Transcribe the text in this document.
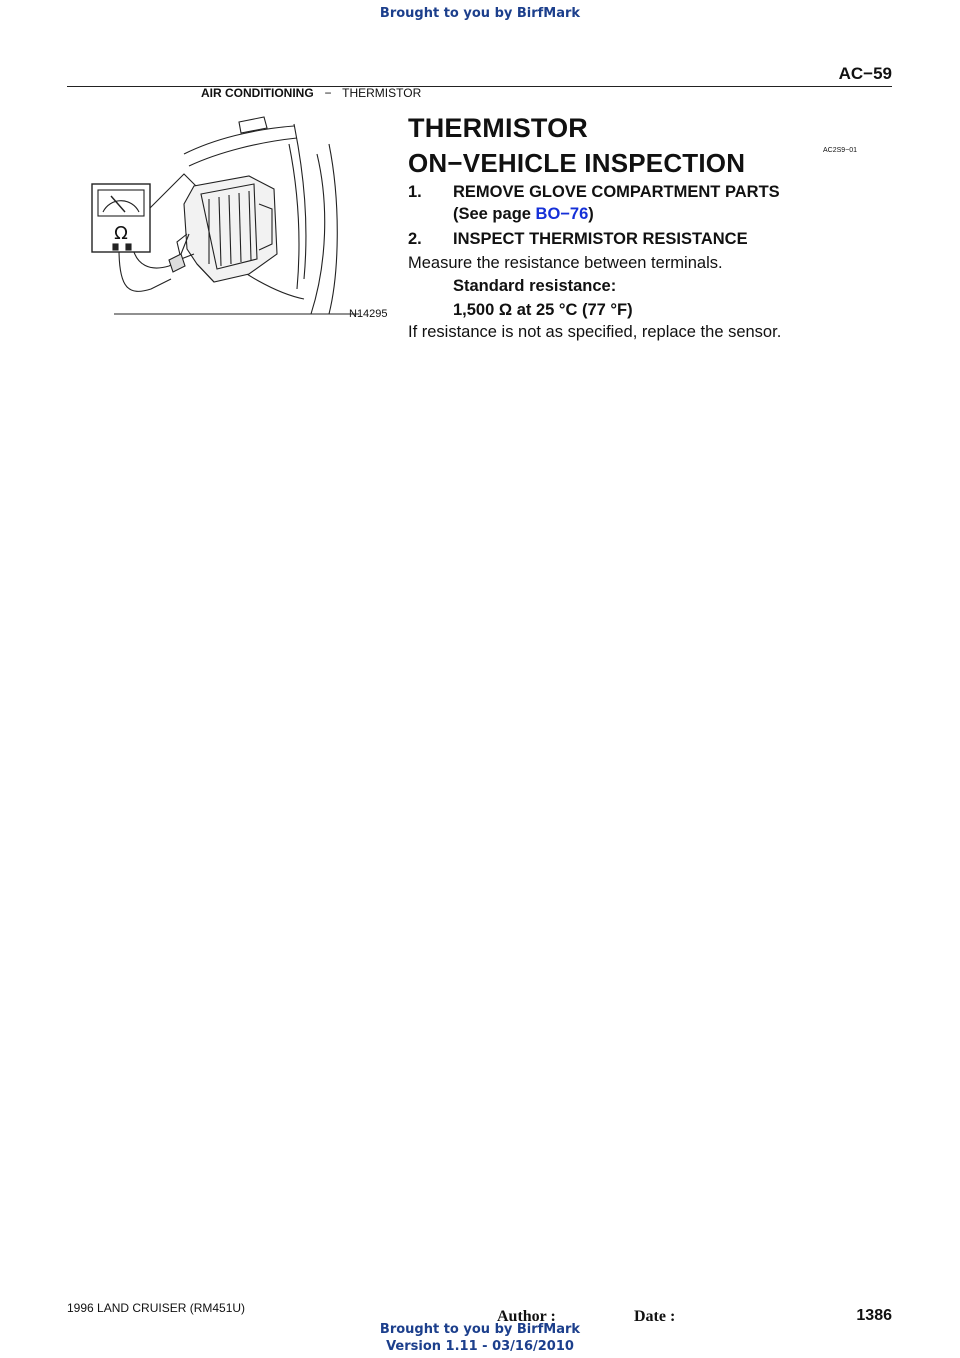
Brought to you by BirfMark
AC−59
AIR CONDITIONING − THERMISTOR
AC2S9−01
Ω
N14295
THERMISTOR
ON−VEHICLE INSPECTION
1. REMOVE GLOVE COMPARTMENT PARTS
(See page BO−76)
2. INSPECT THERMISTOR RESISTANCE
Measure the resistance between terminals.
Standard resistance:
1,500 Ω at 25 °C (77 °F)
If resistance is not as specified, replace the sensor.
1996 LAND CRUISER (RM451U)	Author :	Date :	1386
Brought to you by BirfMark
Version 1.11 - 03/16/2010
